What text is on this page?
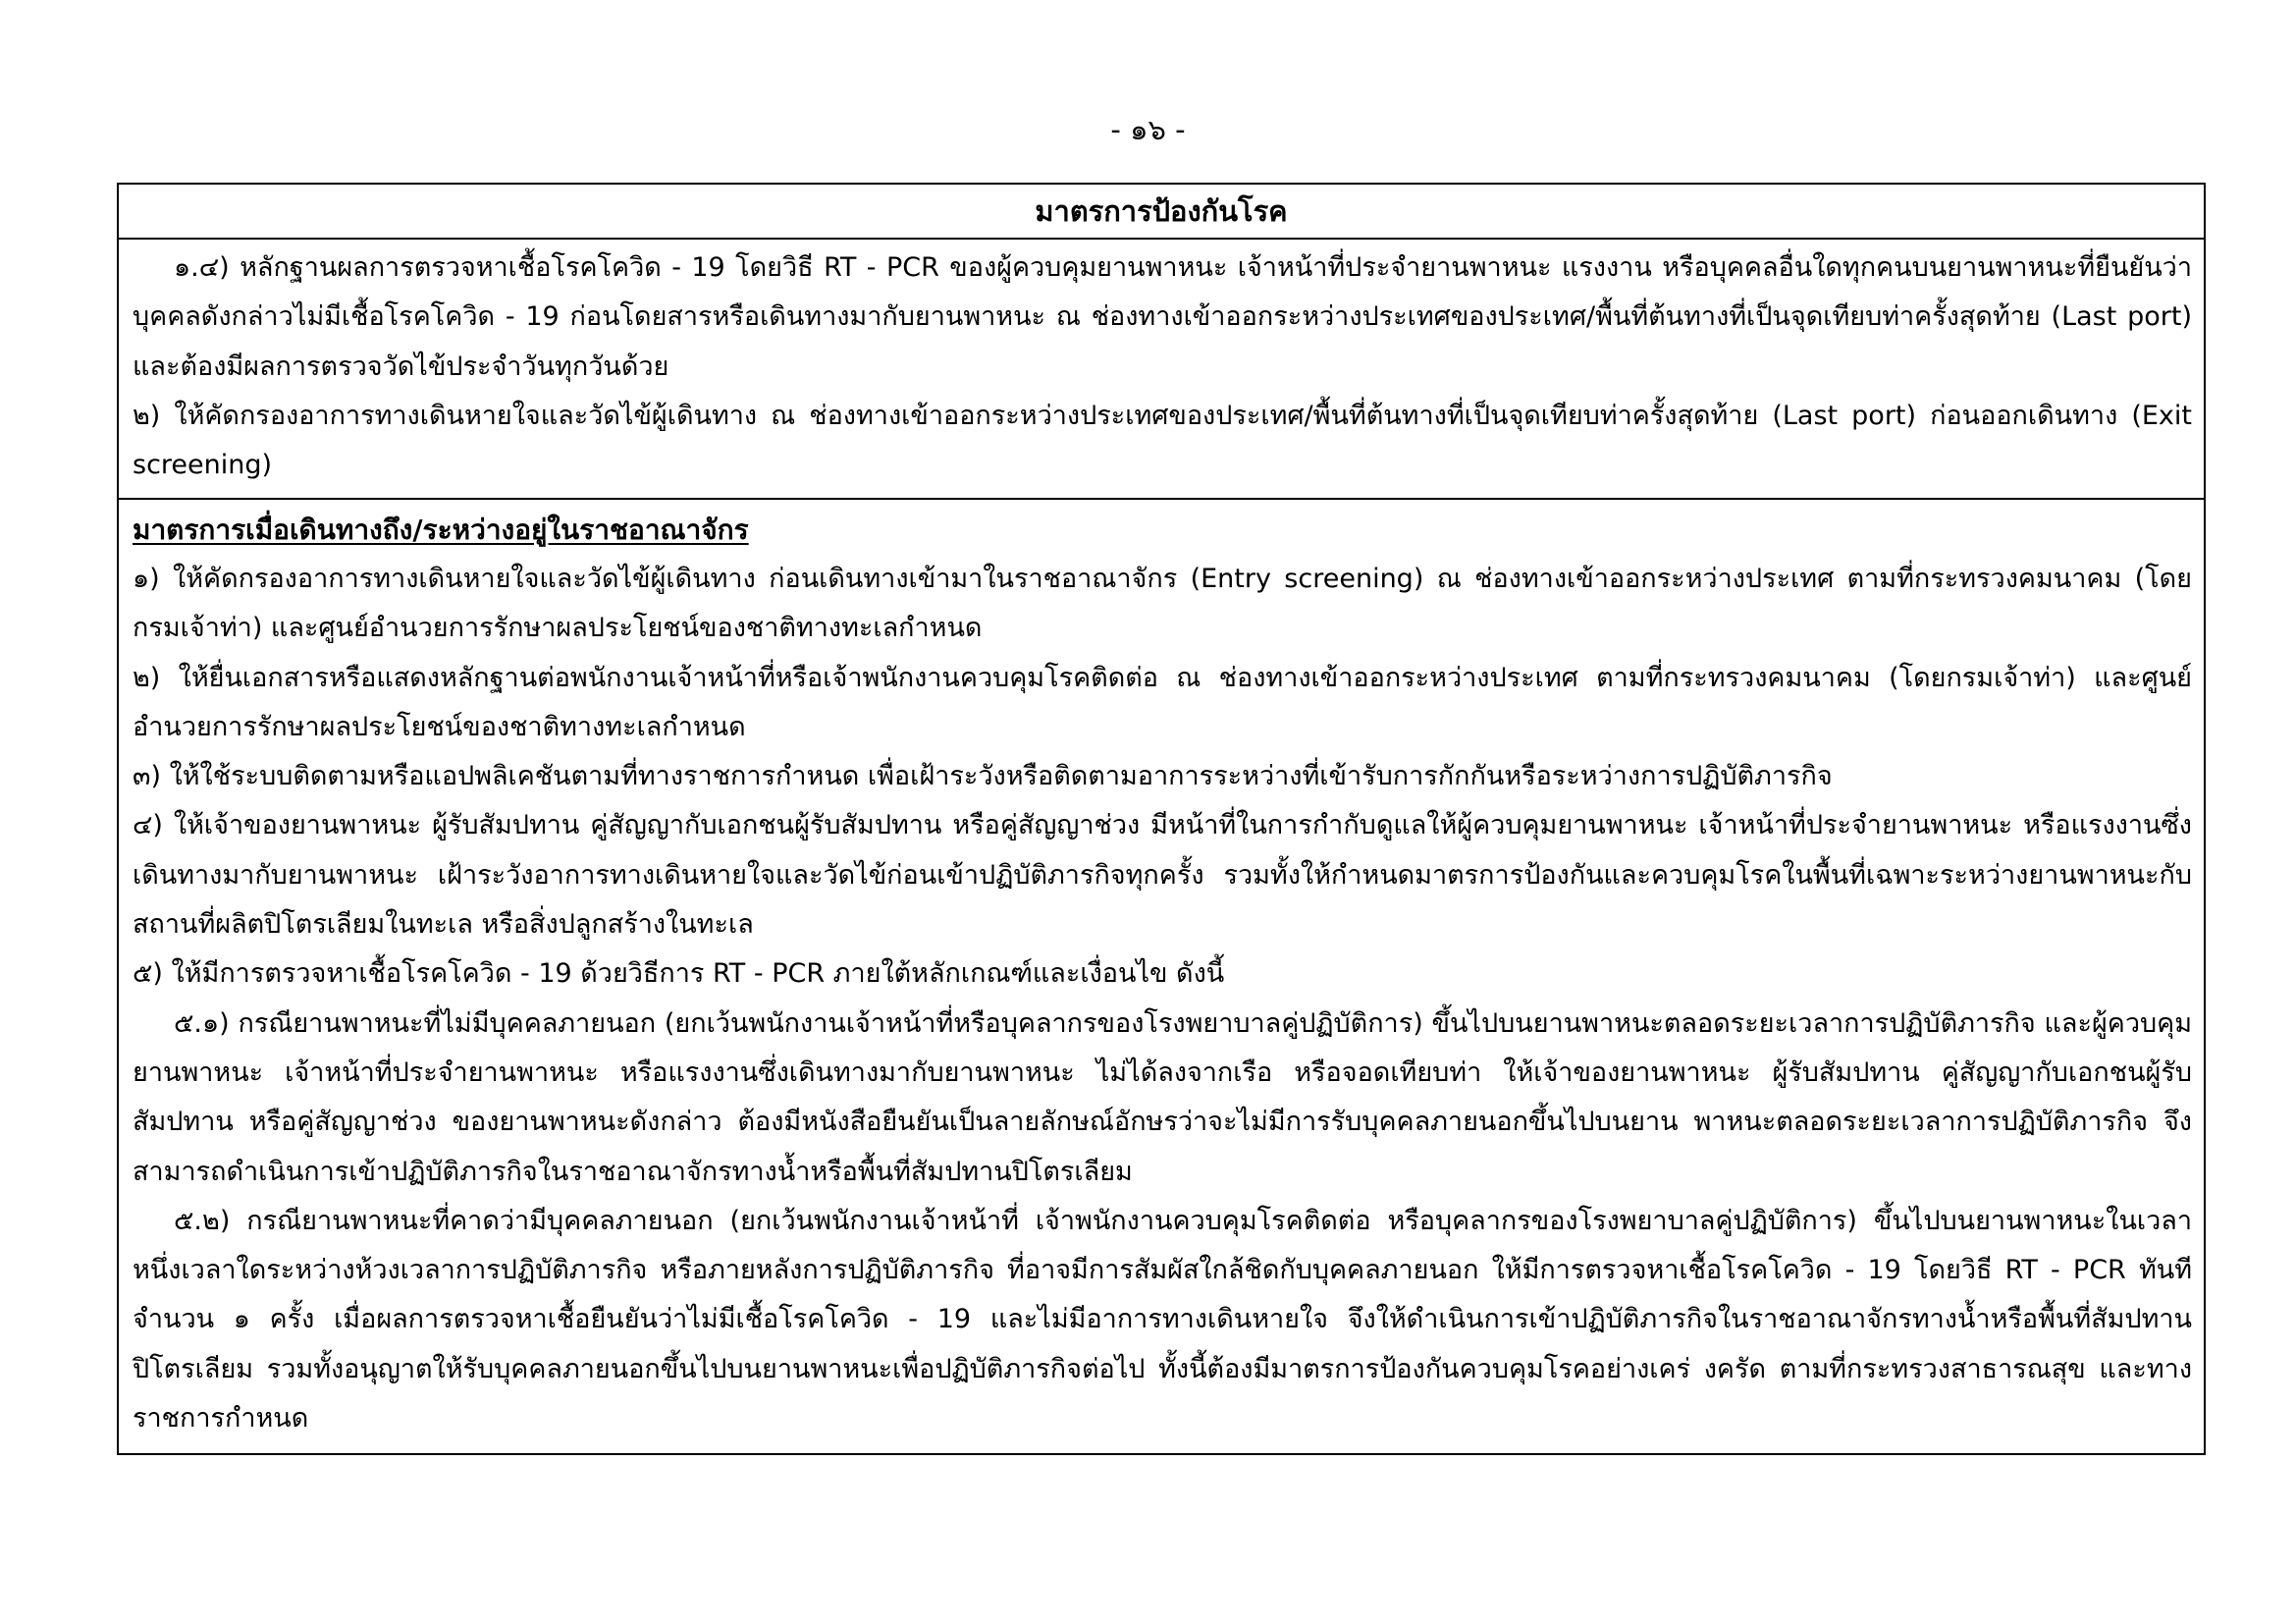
- ๑๖ -
มาตรการป้องกันโรค

๑.๔) หลักฐานผลการตรวจหาเชื้อโรคโควิด - 19 โดยวิธี RT - PCR ของผู้ควบคุมยานพาหนะ เจ้าหน้าที่ประจำยานพาหนะ แรงงาน หรือบุคคลอื่นใดทุกคนบนยานพาหนะที่ยืนยันว่าบุคคลดังกล่าวไม่มีเชื้อโรคโควิด - 19 ก่อนโดยสารหรือเดินทางมากับยานพาหนะ ณ ช่องทางเข้าออกระหว่างประเทศของประเทศ/พื้นที่ต้นทางที่เป็นจุดเทียบท่าครั้งสุดท้าย (Last port) และต้องมีผลการตรวจวัดไข้ประจำวันทุกวันด้วย

๒) ให้คัดกรองอาการทางเดินหายใจและวัดไข้ผู้เดินทาง ณ ช่องทางเข้าออกระหว่างประเทศของประเทศ/พื้นที่ต้นทางที่เป็นจุดเทียบท่าครั้งสุดท้าย (Last port) ก่อนออกเดินทาง (Exit screening)

มาตรการเมื่อเดินทางถึง/ระหว่างอยู่ในราชอาณาจักร

๑) ให้คัดกรองอาการทางเดินหายใจและวัดไข้ผู้เดินทาง ก่อนเดินทางเข้ามาในราชอาณาจักร (Entry screening) ณ ช่องทางเข้าออกระหว่างประเทศ ตามที่กระทรวงคมนาคม (โดยกรมเจ้าท่า) และศูนย์อำนวยการรักษาผลประโยชน์ของชาติทางทะเลกำหนด

๒) ให้ยื่นเอกสารหรือแสดงหลักฐานต่อพนักงานเจ้าหน้าที่หรือเจ้าพนักงานควบคุมโรคติดต่อ ณ ช่องทางเข้าออกระหว่างประเทศ ตามที่กระทรวงคมนาคม (โดยกรมเจ้าท่า) และศูนย์อำนวยการรักษาผลประโยชน์ของชาติทางทะเลกำหนด

๓) ให้ใช้ระบบติดตามหรือแอปพลิเคชันตามที่ทางราชการกำหนด เพื่อเฝ้าระวังหรือติดตามอาการระหว่างที่เข้ารับการกักกันหรือระหว่างการปฏิบัติภารกิจ

๔) ให้เจ้าของยานพาหนะ ผู้รับสัมปทาน คู่สัญญากับเอกชนผู้รับสัมปทาน หรือคู่สัญญาช่วง มีหน้าที่ในการกำกับดูแลให้ผู้ควบคุมยานพาหนะ เจ้าหน้าที่ประจำยานพาหนะ หรือแรงงานซึ่งเดินทางมากับยานพาหนะ เฝ้าระวังอาการทางเดินหายใจและวัดไข้ก่อนเข้าปฏิบัติภารกิจทุกครั้ง รวมทั้งให้กำหนดมาตรการป้องกันและควบคุมโรคในพื้นที่เฉพาะระหว่างยานพาหนะกับสถานที่ผลิตปิโตรเลียมในทะเล หรือสิ่งปลูกสร้างในทะเล

๕) ให้มีการตรวจหาเชื้อโรคโควิด - 19 ด้วยวิธีการ RT - PCR ภายใต้หลักเกณฑ์และเงื่อนไข ดังนี้

๕.๑) กรณียานพาหนะที่ไม่มีบุคคลภายนอก (ยกเว้นพนักงานเจ้าหน้าที่หรือบุคลากรของโรงพยาบาลคู่ปฏิบัติการ) ขึ้นไปบนยานพาหนะตลอดระยะเวลาการปฏิบัติภารกิจ และผู้ควบคุมยานพาหนะ เจ้าหน้าที่ประจำยานพาหนะ หรือแรงงานซึ่งเดินทางมากับยานพาหนะ ไม่ได้ลงจากเรือ หรือจอดเทียบท่า ให้เจ้าของยานพาหนะ ผู้รับสัมปทาน คู่สัญญากับเอกชนผู้รับสัมปทาน หรือคู่สัญญาช่วง ของยานพาหนะดังกล่าว ต้องมีหนังสือยืนยันเป็นลายลักษณ์อักษรว่าจะไม่มีการรับบุคคลภายนอกขึ้นไปบนยาน พาหนะตลอดระยะเวลาการปฏิบัติภารกิจ จึงสามารถดำเนินการเข้าปฏิบัติภารกิจในราชอาณาจักรทางน้ำหรือพื้นที่สัมปทานปิโตรเลียม

๕.๒) กรณียานพาหนะที่คาดว่ามีบุคคลภายนอก (ยกเว้นพนักงานเจ้าหน้าที่ เจ้าพนักงานควบคุมโรคติดต่อ หรือบุคลากรของโรงพยาบาลคู่ปฏิบัติการ) ขึ้นไปบนยานพาหนะในเวลาหนึ่งเวลาใดระหว่างห้วงเวลาการปฏิบัติภารกิจ หรือภายหลังการปฏิบัติภารกิจ ที่อาจมีการสัมผัสใกล้ชิดกับบุคคลภายนอก ให้มีการตรวจหาเชื้อโรคโควิด - 19 โดยวิธี RT - PCR ทันทีจำนวน ๑ ครั้ง เมื่อผลการตรวจหาเชื้อยืนยันว่าไม่มีเชื้อโรคโควิด - 19 และไม่มีอาการทางเดินหายใจ จึงให้ดำเนินการเข้าปฏิบัติภารกิจในราชอาณาจักรทางน้ำหรือพื้นที่สัมปทานปิโตรเลียม รวมทั้งอนุญาตให้รับบุคคลภายนอกขึ้นไปบนยานพาหนะเพื่อปฏิบัติภารกิจต่อไป ทั้งนี้ต้องมีมาตรการป้องกันควบคุมโรคอย่างเคร่ งครัด ตามที่กระทรวงสาธารณสุข และทางราชการกำหนด
